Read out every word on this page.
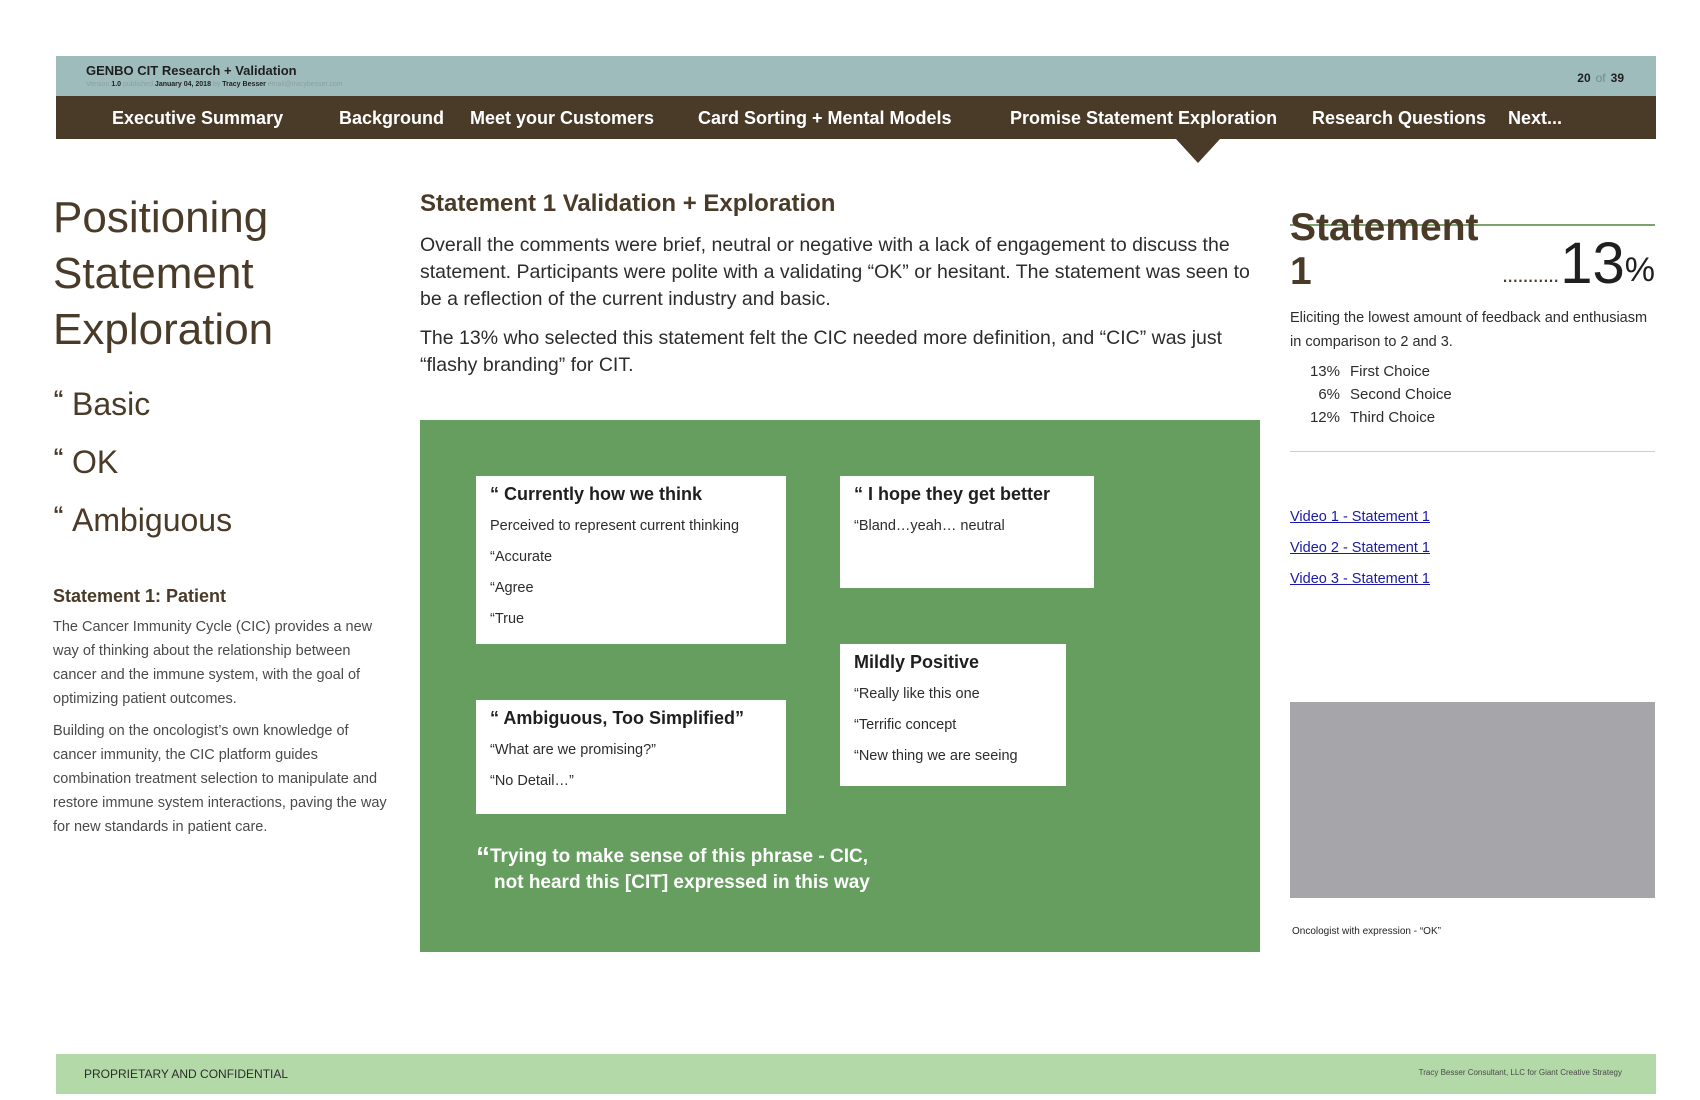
GENBO CIT Research + Validation
Version 1.0 published January 04, 2018 by Tracy Besser email@tracybesser.com	20 of 39
Executive Summary	Background Meet your Customers Card Sorting + Mental Models	Promise Statement Exploration Research Questions Next...
Positioning
Statement
Exploration
“ Basic
“ OK
“ Ambiguous
Statement 1: Patient

The Cancer Immunity Cycle (CIC) provides a new way of thinking about the relationship between cancer and the immune system, with the goal of optimizing patient outcomes.

Building on the oncologist’s own knowledge of cancer immunity, the CIC platform guides combination treatment selection to manipulate and restore immune system interactions, paving the way for new standards in patient care.

Statement 1 Validation + Exploration

Overall the comments were brief, neutral or negative with a lack of engagement to discuss the statement. Participants were polite with a validating “OK” or hesitant. The statement was seen to be a reflection of the current industry and basic.

The 13% who selected this statement felt the CIC needed more definition, and “CIC” was just “flashy branding” for CIT.

“ Currently how we think
Perceived to represent current thinking
“Accurate
“Agree
“True
“ I hope they get better
“Bland…yeah… neutral
Mildly Positive
“Really like this one
“Terrific concept
“New thing we are seeing
“ Ambiguous, Too Simplified”
“What are we promising?”
“No Detail…”
“Trying to make sense of this phrase - CIC,
not heard this [CIT] expressed in this way
Statement 1	........... 13 %

Eliciting the lowest amount of feedback and enthusiasm in comparison to 2 and 3.

13% First Choice
6% Second Choice
12% Third Choice
Video 1 - Statement 1
Video 2 - Statement 1
Video 3 - Statement 1
Oncologist with expression - “OK”
PROPRIETARY AND CONFIDENTIAL	Tracy Besser Consultant, LLC for Giant Creative Strategy
